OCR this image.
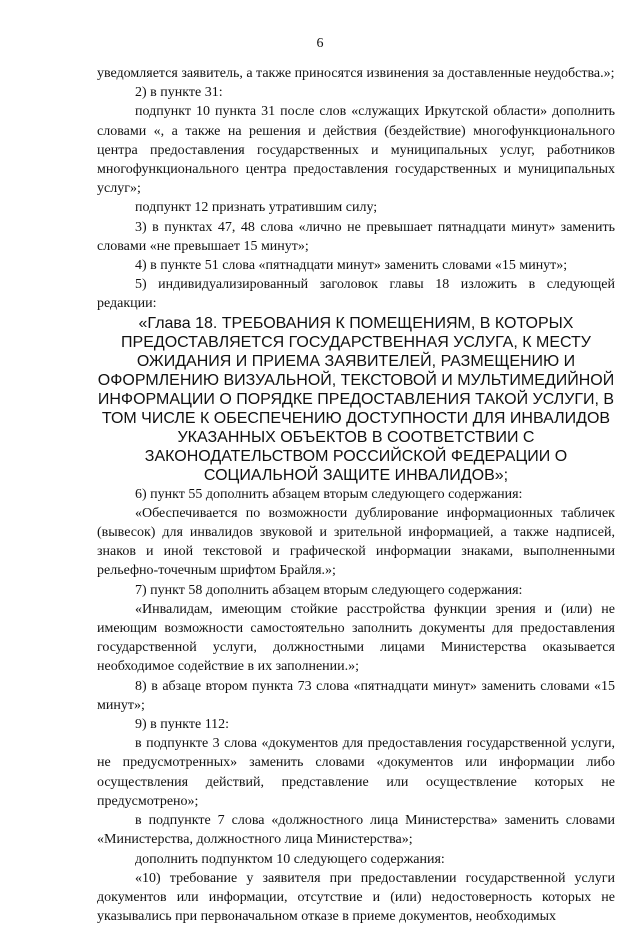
6

уведомляется заявитель, а также приносятся извинения за доставленные неудобства.»;

2) в пункте 31:

подпункт 10 пункта 31 после слов «служащих Иркутской области» дополнить словами «, а также на решения и действия (бездействие) многофункционального центра предоставления государственных и муниципальных услуг, работников многофункционального центра предоставления государственных и муниципальных услуг»;

подпункт 12 признать утратившим силу;

3) в пунктах 47, 48 слова «лично не превышает пятнадцати минут» заменить словами «не превышает 15 минут»;

4) в пункте 51 слова «пятнадцати минут» заменить словами «15 минут»;

5) индивидуализированный заголовок главы 18 изложить в следующей редакции:

«Глава 18. ТРЕБОВАНИЯ К ПОМЕЩЕНИЯМ, В КОТОРЫХ ПРЕДОСТАВЛЯЕТСЯ ГОСУДАРСТВЕННАЯ УСЛУГА, К МЕСТУ ОЖИДАНИЯ И ПРИЕМА ЗАЯВИТЕЛЕЙ, РАЗМЕЩЕНИЮ И ОФОРМЛЕНИЮ ВИЗУАЛЬНОЙ, ТЕКСТОВОЙ И МУЛЬТИМЕДИЙНОЙ ИНФОРМАЦИИ О ПОРЯДКЕ ПРЕДОСТАВЛЕНИЯ ТАКОЙ УСЛУГИ, В ТОМ ЧИСЛЕ К ОБЕСПЕЧЕНИЮ ДОСТУПНОСТИ ДЛЯ ИНВАЛИДОВ УКАЗАННЫХ ОБЪЕКТОВ В СООТВЕТСТВИИ С ЗАКОНОДАТЕЛЬСТВОМ РОССИЙСКОЙ ФЕДЕРАЦИИ О СОЦИАЛЬНОЙ ЗАЩИТЕ ИНВАЛИДОВ»;

6) пункт 55 дополнить абзацем вторым следующего содержания:

«Обеспечивается по возможности дублирование информационных табличек (вывесок) для инвалидов звуковой и зрительной информацией, а также надписей, знаков и иной текстовой и графической информации знаками, выполненными рельефно-точечным шрифтом Брайля.»;

7) пункт 58 дополнить абзацем вторым следующего содержания:

«Инвалидам, имеющим стойкие расстройства функции зрения и (или) не имеющим возможности самостоятельно заполнить документы для предоставления государственной услуги, должностными лицами Министерства оказывается необходимое содействие в их заполнении.»;

8) в абзаце втором пункта 73 слова «пятнадцати минут» заменить словами «15 минут»;

9) в пункте 112:

в подпункте 3 слова «документов для предоставления государственной услуги, не предусмотренных» заменить словами «документов или информации либо осуществления действий, представление или осуществление которых не предусмотрено»;

в подпункте 7 слова «должностного лица Министерства» заменить словами «Министерства, должностного лица Министерства»;

дополнить подпунктом 10 следующего содержания:

«10) требование у заявителя при предоставлении государственной услуги документов или информации, отсутствие и (или) недостоверность которых не указывались при первоначальном отказе в приеме документов, необходимых
